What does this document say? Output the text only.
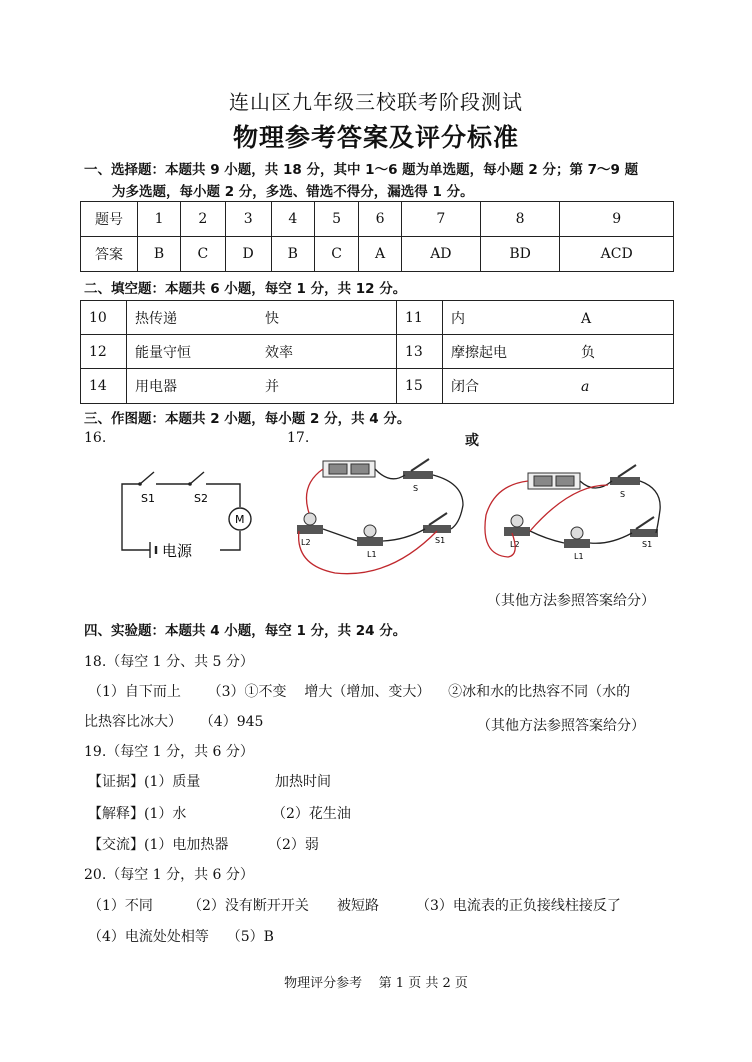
连山区九年级三校联考阶段测试
物理参考答案及评分标准
一、选择题：本题共 9 小题，共 18 分，其中 1～6 题为单选题，每小题 2 分；第 7～9 题
为多选题，每小题 2 分，多选、错选不得分，漏选得 1 分。
题号	1	2	3	4	5	6	7	8	9
答案	B	C	D	B	C	A	AD	BD	ACD
二、填空题：本题共 6 小题，每空 1 分，共 12 分。
10	热传递 快	11	内 A
12	能量守恒 效率	13	摩擦起电 负
14	用电器 并	15	闭合 a
三、作图题：本题共 2 小题，每小题 2 分，共 4 分。
16.	17.	或
S1	S2
M
电源
S
L2
L1
S1
S
L2
L1
S1
（其他方法参照答案给分）
四、实验题：本题共 4 小题，每空 1 分，共 24 分。
18.（每空 1 分、共 5 分）
（1）自下而上      （3）①不变    增大（增加、变大）    ②冰和水的比热容不同（水的
比热容比冰大）    （4）945	（其他方法参照答案给分）
19.（每空 1 分，共 6 分）
【证据】(1）质量	加热时间
【解释】(1）水	（2）花生油
【交流】(1）电加热器	（2）弱
20.（每空 1 分，共 6 分）
（1）不同	（2）没有断开开关 被短路	（3）电流表的正负接线柱接反了
（4）电流处处相等    （5）B
物理评分参考    第 1 页 共 2 页
